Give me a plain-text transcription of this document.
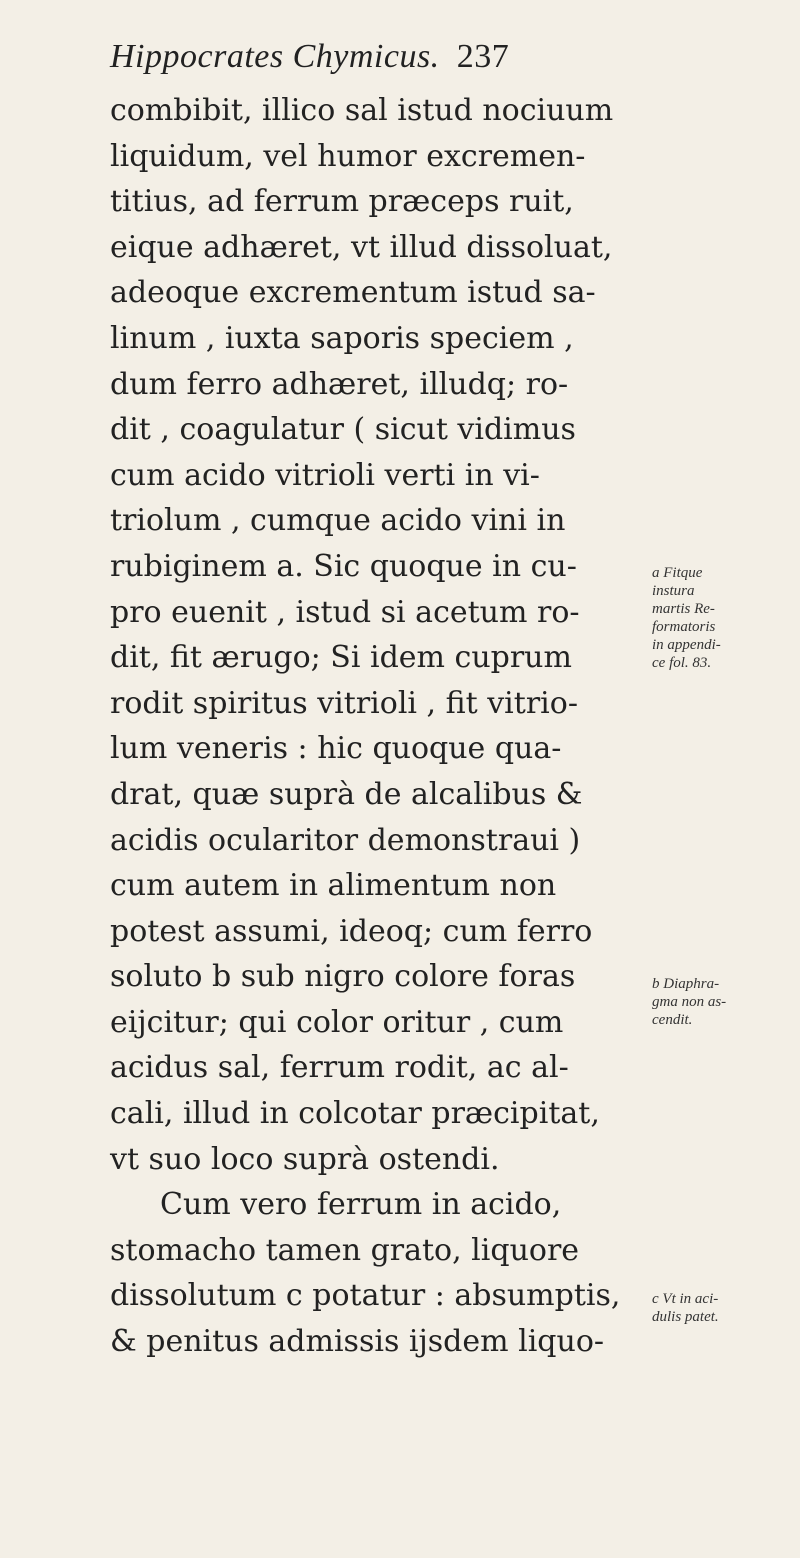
Hippocrates Chymicus. 237
combibit, illico sal istud nociuum
liquidum, vel humor excremen-
titius, ad ferrum præceps ruit,
eique adhæret, vt illud dissoluat,
adeoque excrementum istud sa-
linum , iuxta saporis speciem ,
dum ferro adhæret, illudq; ro-
dit , coagulatur ( sicut vidimus
cum acido vitrioli verti in vi-
triolum , cumque acido vini in
rubiginem a. Sic quoque in cu-
pro euenit , istud si acetum ro-
dit, fit ærugo; Si idem cuprum
rodit spiritus vitrioli , fit vitrio-
lum veneris : hic quoque qua-
drat, quæ suprà de alcalibus &
acidis ocularitor demonstraui )
cum autem in alimentum non
potest assumi, ideoq; cum ferro
soluto b sub nigro colore foras
eijcitur; qui color oritur , cum
acidus sal, ferrum rodit, ac al-
cali, illud in colcotar præcipitat,
vt suo loco suprà ostendi.
Cum vero ferrum in acido,
stomacho tamen grato, liquore
dissolutum c potatur : absumptis,
& penitus admissis ijsdem liquo-
a Fitque
instura
martis Re-
formatoris
in appendi-
ce fol. 83.
b Diaphra-
gma non as-
cendit.
c Vt in aci-
dulis patet.
